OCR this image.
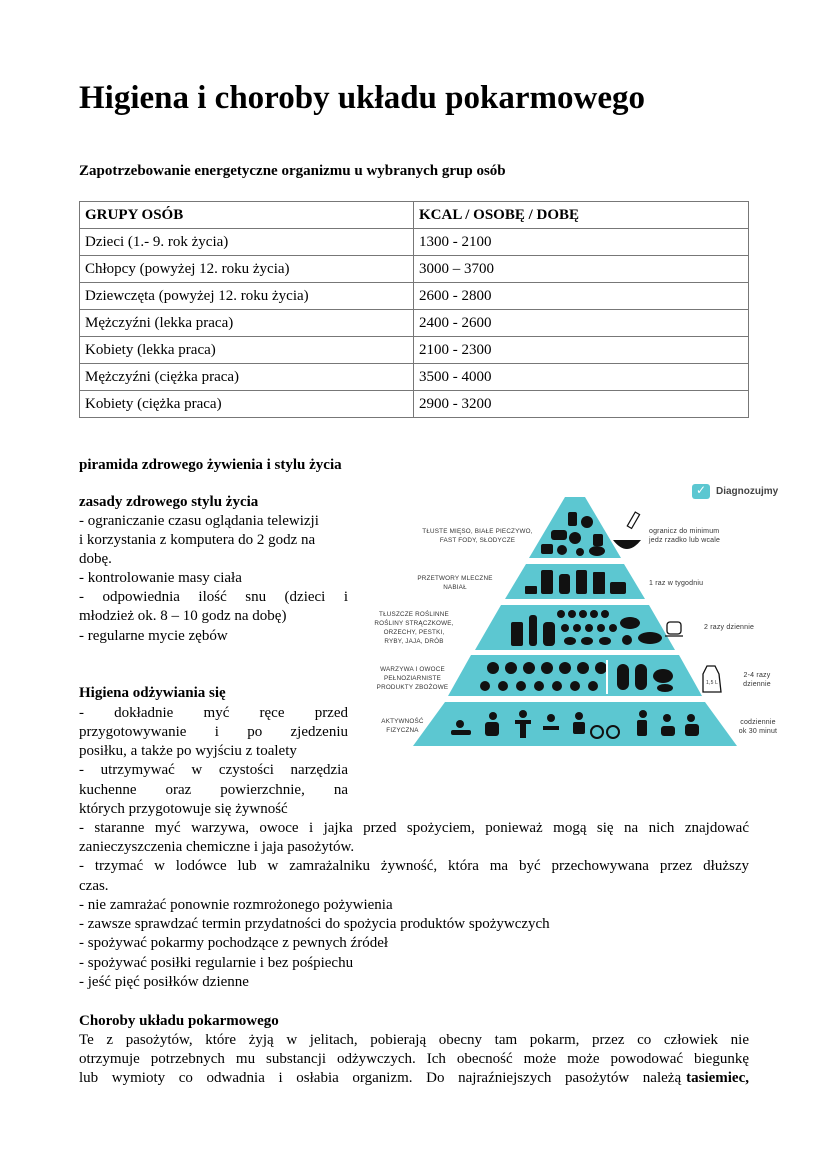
Higiena i choroby układu pokarmowego
Zapotrzebowanie energetyczne organizmu u wybranych grup osób
GRUPY OSÓB	KCAL / OSOBĘ / DOBĘ
Dzieci (1.- 9. rok życia)	1300 - 2100
Chłopcy (powyżej 12. roku życia)	3000 – 3700
Dziewczęta (powyżej 12. roku życia)	2600 - 2800
Mężczyźni (lekka praca)	2400 - 2600
Kobiety (lekka praca)	2100 - 2300
Mężczyźni (ciężka praca)	3500 - 4000
Kobiety (ciężka praca)	2900 - 3200
piramida zdrowego żywienia i stylu życia
zasady zdrowego stylu życia
- ograniczanie czasu oglądania telewizji
i korzystania z komputera do 2 godz na
dobę.
- kontrolowanie masy ciała
- odpowiednia ilość snu (dzieci i
młodzież ok. 8 – 10 godz na dobę)
- regularne mycie zębów
Higiena odżywiania się
- dokładnie myć ręce przed
przygotowywanie i po zjedzeniu
posiłku, a także po wyjściu z toalety
- utrzymywać w czystości narzędzia
kuchenne oraz powierzchnie, na
których przygotowuje się żywność
- staranne myć warzywa, owoce i jajka przed spożyciem, ponieważ mogą się na nich znajdować
zanieczyszczenia chemiczne i jaja pasożytów.
- trzymać w lodówce lub w zamrażalniku żywność, która ma być przechowywana przez dłuższy
czas.
- nie zamrażać ponownie rozmrożonego pożywienia
- zawsze sprawdzać termin przydatności do spożycia produktów spożywczych
- spożywać pokarmy pochodzące z pewnych źródeł
- spożywać posiłki regularnie i bez pośpiechu
- jeść pięć posiłków dzienne
Choroby układu pokarmowego
Te z pasożytów, które żyją w jelitach, pobierają obecny tam pokarm, przez co człowiek nie
otrzymuje potrzebnych mu substancji odżywczych. Ich obecność może może powodować biegunkę
lub wymioty co odwadnia i osłabia organizm. Do najraźniejszych pasożytów należą tasiemiec,
✓ Diagnozujmy
TŁUSTE MIĘSO, BIAŁE PIECZYWO,
FAST FODY, SŁODYCZE
PRZETWORY MLECZNE
NABIAŁ
TŁUSZCZE ROŚLINNE
ROŚLINY STRĄCZKOWE,
ORZECHY, PESTKI,
RYBY, JAJA, DRÓB
WARZYWA I OWOCE
PEŁNOZIARNISTE
PRODUKTY ZBOŻOWE
AKTYWNOŚĆ
FIZYCZNA
ogranicz do minimum
jedz rzadko lub wcale
1 raz w tygodniu
2 razy dziennie
1,5 L
2-4 razy
dziennie
codziennie
ok 30 minut
